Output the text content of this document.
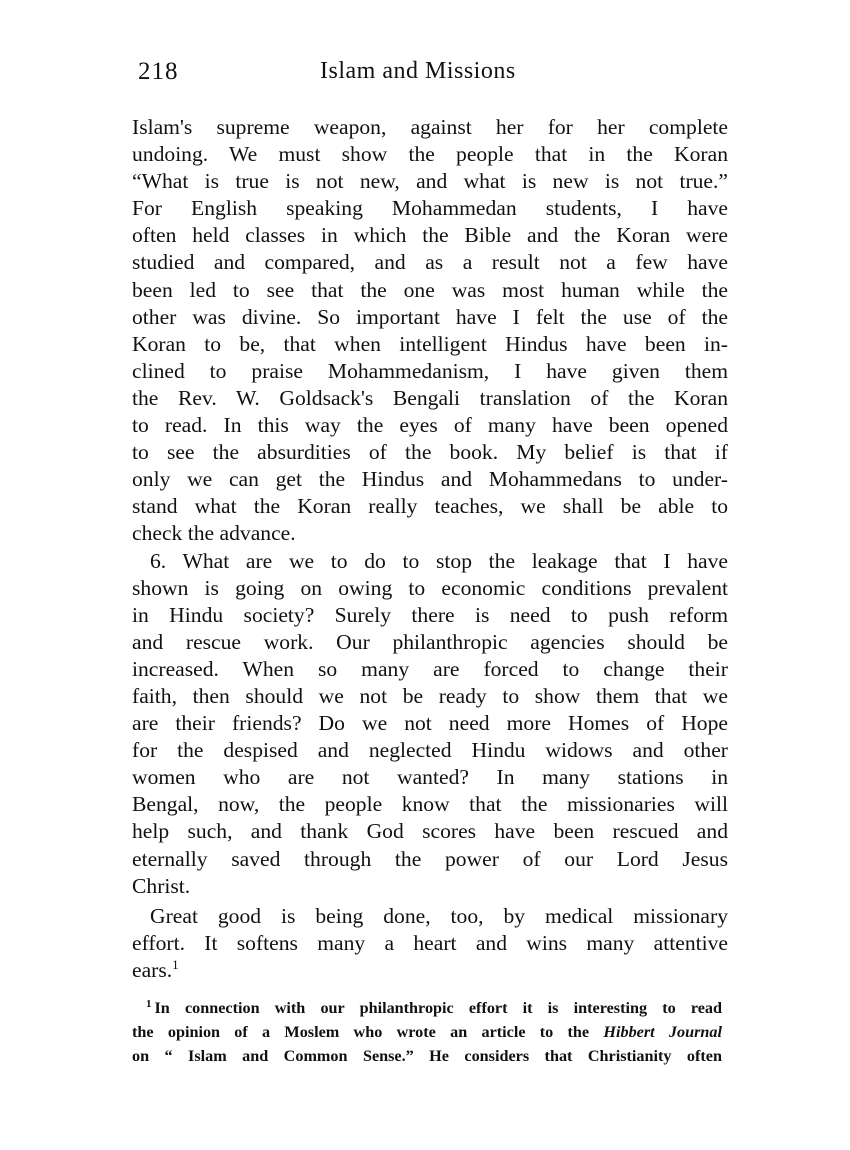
218	Islam and Missions
Islam's supreme weapon, against her for her complete
undoing. We must show the people that in the Koran
“What is true is not new, and what is new is not true.”
For English speaking Mohammedan students, I have
often held classes in which the Bible and the Koran were
studied and compared, and as a result not a few have
been led to see that the one was most human while the
other was divine. So important have I felt the use of the
Koran to be, that when intelligent Hindus have been in-
clined to praise Mohammedanism, I have given them
the Rev. W. Goldsack's Bengali translation of the Koran
to read. In this way the eyes of many have been opened
to see the absurdities of the book. My belief is that if
only we can get the Hindus and Mohammedans to under-
stand what the Koran really teaches, we shall be able to
check the advance.
6. What are we to do to stop the leakage that I have
shown is going on owing to economic conditions prevalent
in Hindu society? Surely there is need to push reform
and rescue work. Our philanthropic agencies should be
increased. When so many are forced to change their
faith, then should we not be ready to show them that we
are their friends? Do we not need more Homes of Hope
for the despised and neglected Hindu widows and other
women who are not wanted? In many stations in
Bengal, now, the people know that the missionaries will
help such, and thank God scores have been rescued and
eternally saved through the power of our Lord Jesus
Christ.
Great good is being done, too, by medical missionary
effort. It softens many a heart and wins many attentive
ears.$^1$
$^1$ In connection with our philanthropic effort it is interesting to read
the opinion of a Moslem who wrote an article to the Hibbert Journal
on “ Islam and Common Sense.” He considers that Christianity often
